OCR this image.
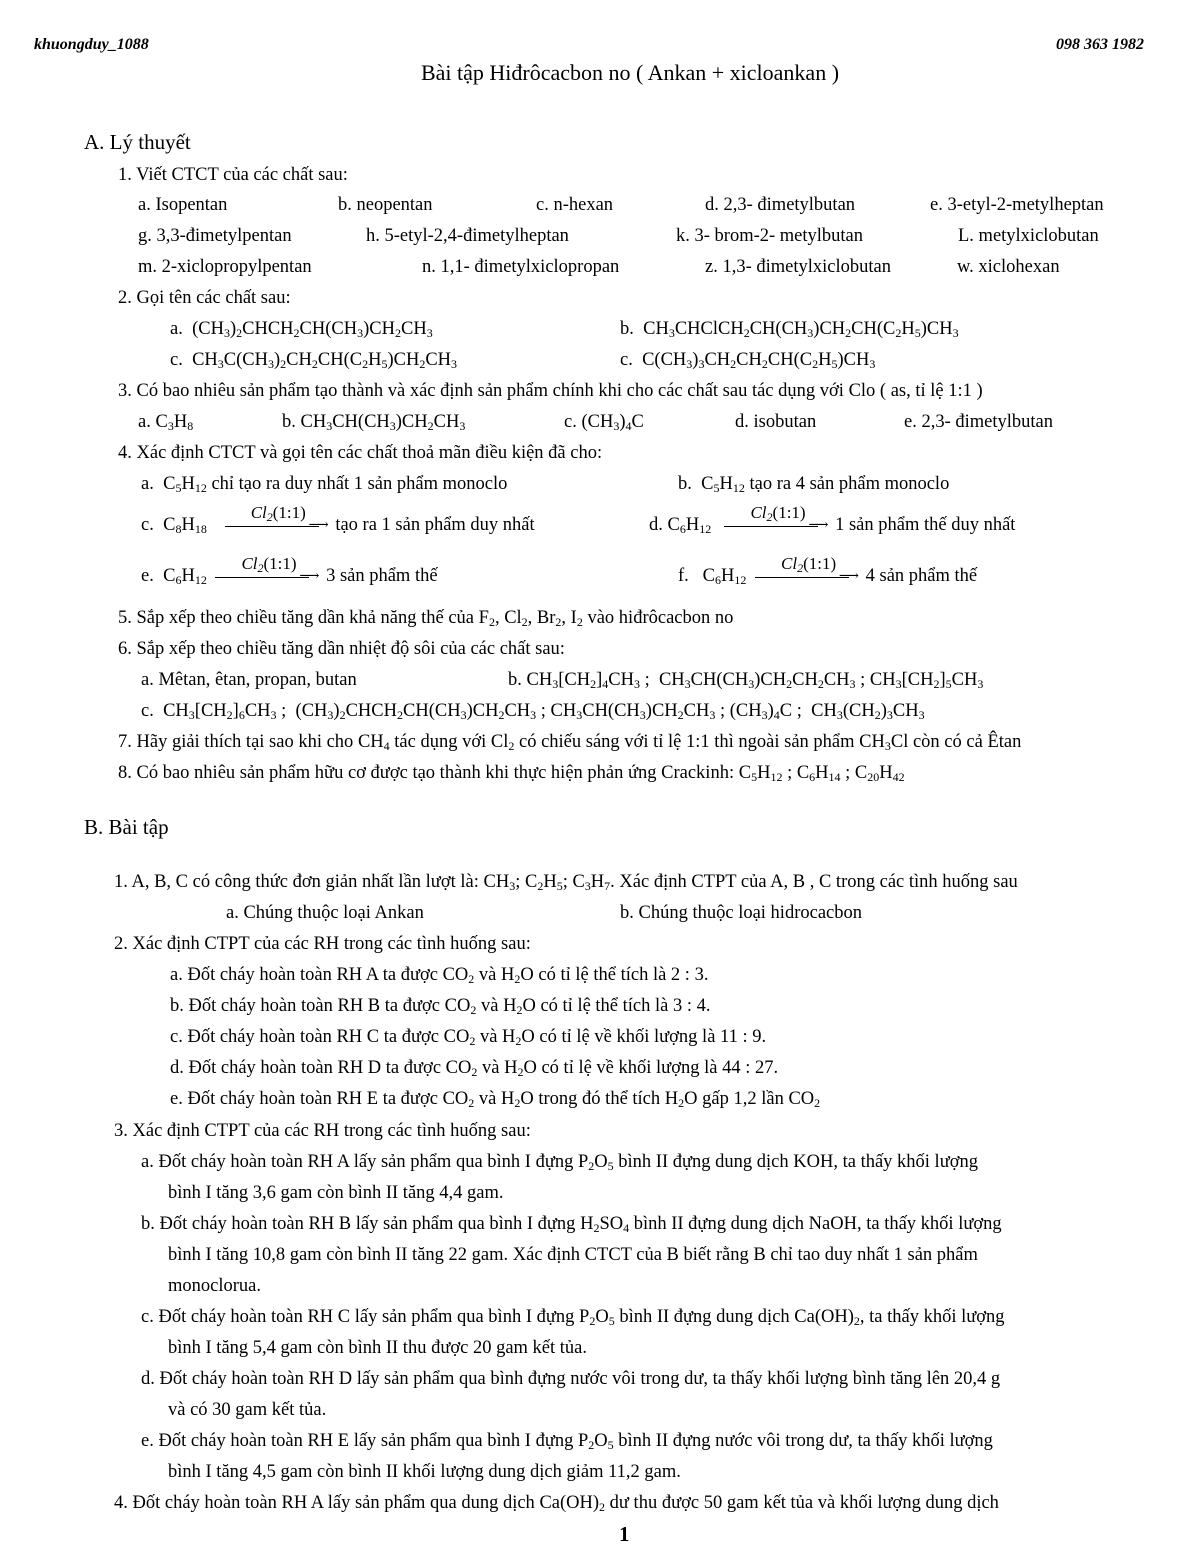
khuongduy_1088	098 363 1982
Bài tập Hiđrôcacbon no ( Ankan + xicloankan )
A. Lý thuyết
1. Viết CTCT của các chất sau:
a. Isopentan	b. neopentan	c. n-hexan	d. 2,3- đimetylbutan	e. 3-etyl-2-metylheptan
g. 3,3-đimetylpentan	h. 5-etyl-2,4-đimetylheptan	k. 3- brom-2- metylbutan	L. metylxiclobutan
m. 2-xiclopropylpentan	n. 1,1- đimetylxiclopropan	z. 1,3- đimetylxiclobutan	w. xiclohexan
2. Gọi tên các chất sau:
a.  $(CH_3)_2CHCH_2CH(CH_3)CH_2CH_3$	b.  $CH_3CHClCH_2CH(CH_3)CH_2CH(C_2H_5)CH_3$
c.  $CH_3C(CH_3)_2CH_2CH(C_2H_5)CH_2CH_3$	c.  $C(CH_3)_3CH_2CH_2CH(C_2H_5)CH_3$
3. Có bao nhiêu sản phẩm tạo thành và xác định sản phẩm chính khi cho các chất sau tác dụng với Clo ( as, tỉ lệ 1:1 )
a. $C_3H_8$	b. $CH_3CH(CH_3)CH_2CH_3$	c. $(CH_3)_4C$	d. isobutan	e. 2,3- đimetylbutan
4. Xác định CTCT và gọi tên các chất thoả mãn điều kiện đã cho:
a.  $C_5H_{12}$ chỉ tạo ra duy nhất 1 sản phẩm monoclo	b.  $C_5H_{12}$ tạo ra 4 sản phẩm monoclo
c.  $C_8H_{18}$
$Cl_2(1:1)$
⟶ tạo ra 1 sản phẩm duy nhất	d. $C_6H_{12}$
$Cl_2(1:1)$
⟶ 1 sản phẩm thế duy nhất
e.  $C_6H_{12}$
$Cl_2(1:1)$
⟶ 3 sản phẩm thế	f.   $C_6H_{12}$
$Cl_2(1:1)$
⟶ 4 sản phẩm thế
5. Sắp xếp theo chiều tăng dần khả năng thế của $F_2$, $Cl_2$, $Br_2$, $I_2$ vào hiđrôcacbon no
6. Sắp xếp theo chiều tăng dần nhiệt độ sôi của các chất sau:
a. Mêtan, êtan, propan, butan	b. $CH_3[CH_2]_4CH_3$ ;  $CH_3CH(CH_3)CH_2CH_2CH_3$ ; $CH_3[CH_2]_5CH_3$
c.  $CH_3[CH_2]_6CH_3$ ;  $(CH_3)_2CHCH_2CH(CH_3)CH_2CH_3$ ; $CH_3CH(CH_3)CH_2CH_3$ ; $(CH_3)_4C$ ;  $CH_3(CH_2)_3CH_3$
7. Hãy giải thích tại sao khi cho $CH_4$ tác dụng với $Cl_2$ có chiếu sáng với tỉ lệ 1:1 thì ngoài sản phẩm $CH_3Cl$ còn có cả Êtan
8. Có bao nhiêu sản phẩm hữu cơ được tạo thành khi thực hiện phản ứng Crackinh: $C_5H_{12}$ ; $C_6H_{14}$ ; $C_{20}H_{42}$
B. Bài tập
1. A, B, C có công thức đơn giản nhất lần lượt là: $CH_3$; $C_2H_5$; $C_3H_7$. Xác định CTPT của A, B , C trong các tình huống sau
a. Chúng thuộc loại Ankan	b. Chúng thuộc loại hidrocacbon
2. Xác định CTPT của các RH trong các tình huống sau:
a. Đốt cháy hoàn toàn RH A ta được $CO_2$ và $H_2O$ có tỉ lệ thể tích là 2 : 3.
b. Đốt cháy hoàn toàn RH B ta được $CO_2$ và $H_2O$ có tỉ lệ thể tích là 3 : 4.
c. Đốt cháy hoàn toàn RH C ta được $CO_2$ và $H_2O$ có tỉ lệ về khối lượng là 11 : 9.
d. Đốt cháy hoàn toàn RH D ta được $CO_2$ và $H_2O$ có tỉ lệ về khối lượng là 44 : 27.
e. Đốt cháy hoàn toàn RH E ta được $CO_2$ và $H_2O$ trong đó thể tích $H_2O$ gấp 1,2 lần $CO_2$
3. Xác định CTPT của các RH trong các tình huống sau:
a. Đốt cháy hoàn toàn RH A lấy sản phẩm qua bình I đựng $P_2O_5$ bình II đựng dung dịch KOH, ta thấy khối lượng
bình I tăng 3,6 gam còn bình II tăng 4,4 gam.
b. Đốt cháy hoàn toàn RH B lấy sản phẩm qua bình I đựng $H_2SO_4$ bình II đựng dung dịch NaOH, ta thấy khối lượng
bình I tăng 10,8 gam còn bình II tăng 22 gam. Xác định CTCT của B biết rằng B chỉ tao duy nhất 1 sản phẩm
monoclorua.
c. Đốt cháy hoàn toàn RH C lấy sản phẩm qua bình I đựng $P_2O_5$ bình II đựng dung dịch $Ca(OH)_2$, ta thấy khối lượng
bình I tăng 5,4 gam còn bình II thu được 20 gam kết tủa.
d. Đốt cháy hoàn toàn RH D lấy sản phẩm qua bình đựng nước vôi trong dư, ta thấy khối lượng bình tăng lên 20,4 g
và có 30 gam kết tủa.
e. Đốt cháy hoàn toàn RH E lấy sản phẩm qua bình I đựng $P_2O_5$ bình II đựng nước vôi trong dư, ta thấy khối lượng
bình I tăng 4,5 gam còn bình II khối lượng dung dịch giảm 11,2 gam.
4. Đốt cháy hoàn toàn RH A lấy sản phẩm qua dung dịch $Ca(OH)_2$ dư thu được 50 gam kết tủa và khối lượng dung dịch
1
